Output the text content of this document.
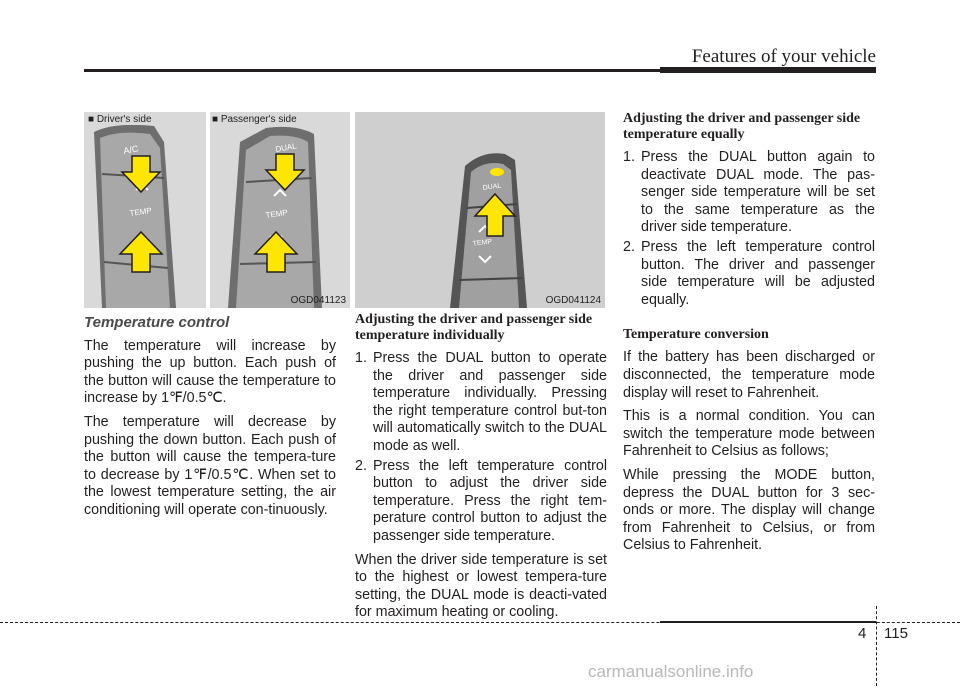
Features of your vehicle
A/C
TEMP
■ Driver's side
DUAL
TEMP
■ Passenger's side
OGD041123
DUAL
TEMP
OGD041124
Temperature control

The temperature will increase by pushing the up button. Each push of the button will cause the temperature to increase by 1℉/0.5℃.

The temperature will decrease by pushing the down button. Each push of the button will cause the tempera-ture to decrease by 1℉/0.5℃. When set to the lowest temperature setting, the air conditioning will operate con-tinuously.

Adjusting the driver and passenger side temperature individually
1. Press the DUAL button to operate the driver and passenger side temperature individually. Pressing the right temperature control but-ton will automatically switch to the DUAL mode as well.
2. Press the left temperature control button to adjust the driver side temperature. Press the right tem-perature control button to adjust the passenger side temperature.

When the driver side temperature is set to the highest or lowest tempera-ture setting, the DUAL mode is deacti-vated for maximum heating or cooling.

Adjusting the driver and passenger side temperature equally
1. Press the DUAL button again to deactivate DUAL mode. The pas-senger side temperature will be set to the same temperature as the driver side temperature.
2. Press the left temperature control button. The driver and passenger side temperature will be adjusted equally.
Temperature conversion

If the battery has been discharged or disconnected, the temperature mode display will reset to Fahrenheit.

This is a normal condition. You can switch the temperature mode between Fahrenheit to Celsius as follows;

While pressing the MODE button, depress the DUAL button for 3 sec-onds or more. The display will change from Fahrenheit to Celsius, or from Celsius to Fahrenheit.

4 115
carmanualsonline.info
